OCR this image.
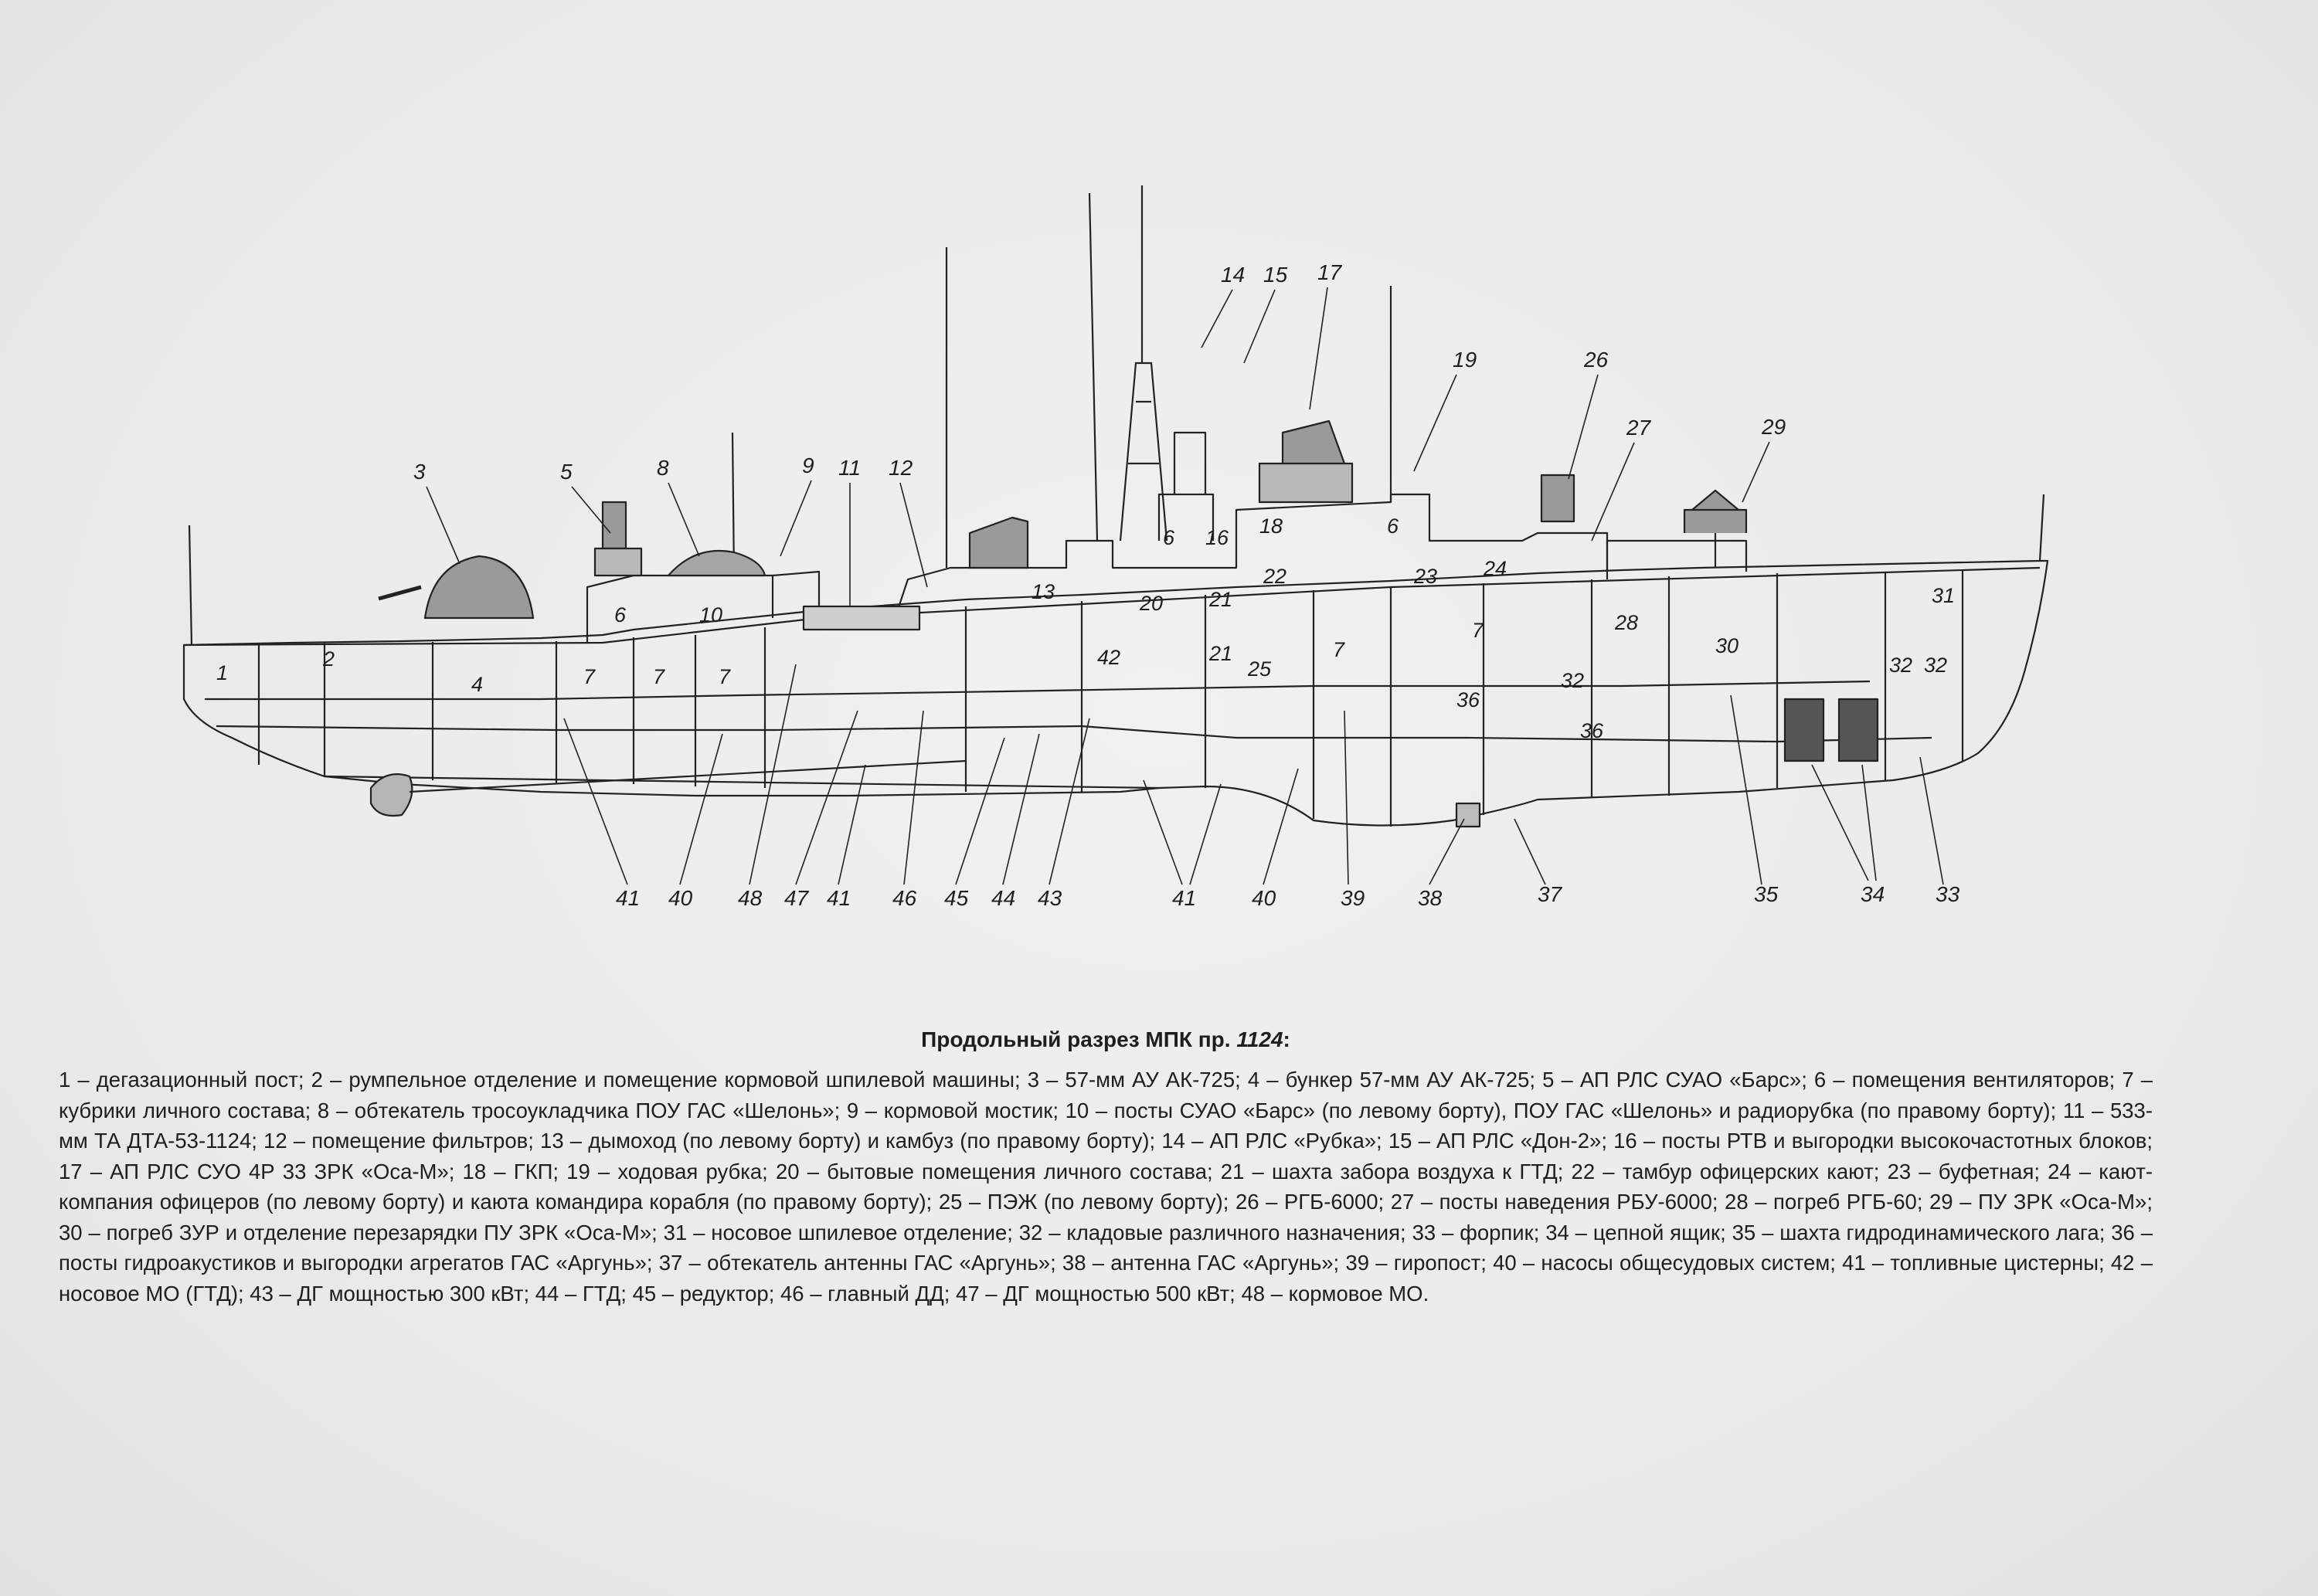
1
2
4
6
7	7	7
10
13	20 21
42	21
25
7
7
22
16 18
6
23 24
6
36
32
36
28
30
31
32 32
3	5	8	9 11 12
14 15 17
19	26
27	29
41 40 48 47 41 46 45 44 43	41	40	39 38	37	35	34 33
Продольный разрез МПК пр. 1124:
1 – дегазационный пост; 2 – румпельное отделение и помещение кормовой шпилевой машины; 3 – 57-мм АУ АК-725; 4 – бункер 57-мм АУ АК-725; 5 – АП РЛС СУАО «Барс»; 6 – помещения вентиляторов; 7 – кубрики личного состава; 8 – обтекатель тросоукладчика ПОУ ГАС «Шелонь»; 9 – кормовой мостик; 10 – посты СУАО «Барс» (по левому борту), ПОУ ГАС «Шелонь» и радиорубка (по правому борту); 11 – 533-мм ТА ДТА-53-1124; 12 – помещение фильтров; 13 – дымоход (по левому борту) и камбуз (по правому борту); 14 – АП РЛС «Рубка»; 15 – АП РЛС «Дон-2»; 16 – посты РТВ и выгородки высокочастотных блоков; 17 – АП РЛС СУО 4Р 33 ЗРК «Оса-М»; 18 – ГКП; 19 – ходовая рубка; 20 – бытовые помещения личного состава; 21 – шахта забора воздуха к ГТД; 22 – тамбур офицерских кают; 23 – буфетная; 24 – кают-компания офицеров (по левому борту) и каюта командира корабля (по правому борту); 25 – ПЭЖ (по левому борту); 26 – РГБ-6000; 27 – посты наведения РБУ-6000; 28 – погреб РГБ-60; 29 – ПУ ЗРК «Оса-М»; 30 – погреб ЗУР и отделение перезарядки ПУ ЗРК «Оса-М»; 31 – носовое шпилевое отделение; 32 – кладовые различного назначения; 33 – форпик; 34 – цепной ящик; 35 – шахта гидродинамического лага; 36 – посты гидроакустиков и выгородки агрегатов ГАС «Аргунь»; 37 – обтекатель антенны ГАС «Аргунь»; 38 – антенна ГАС «Аргунь»; 39 – гиропост; 40 – насосы общесудовых систем; 41 – топливные цистерны; 42 – носовое МО (ГТД); 43 – ДГ мощностью 300 кВт; 44 – ГТД; 45 – редуктор; 46 – главный ДД; 47 – ДГ мощностью 500 кВт; 48 – кормовое МО.
